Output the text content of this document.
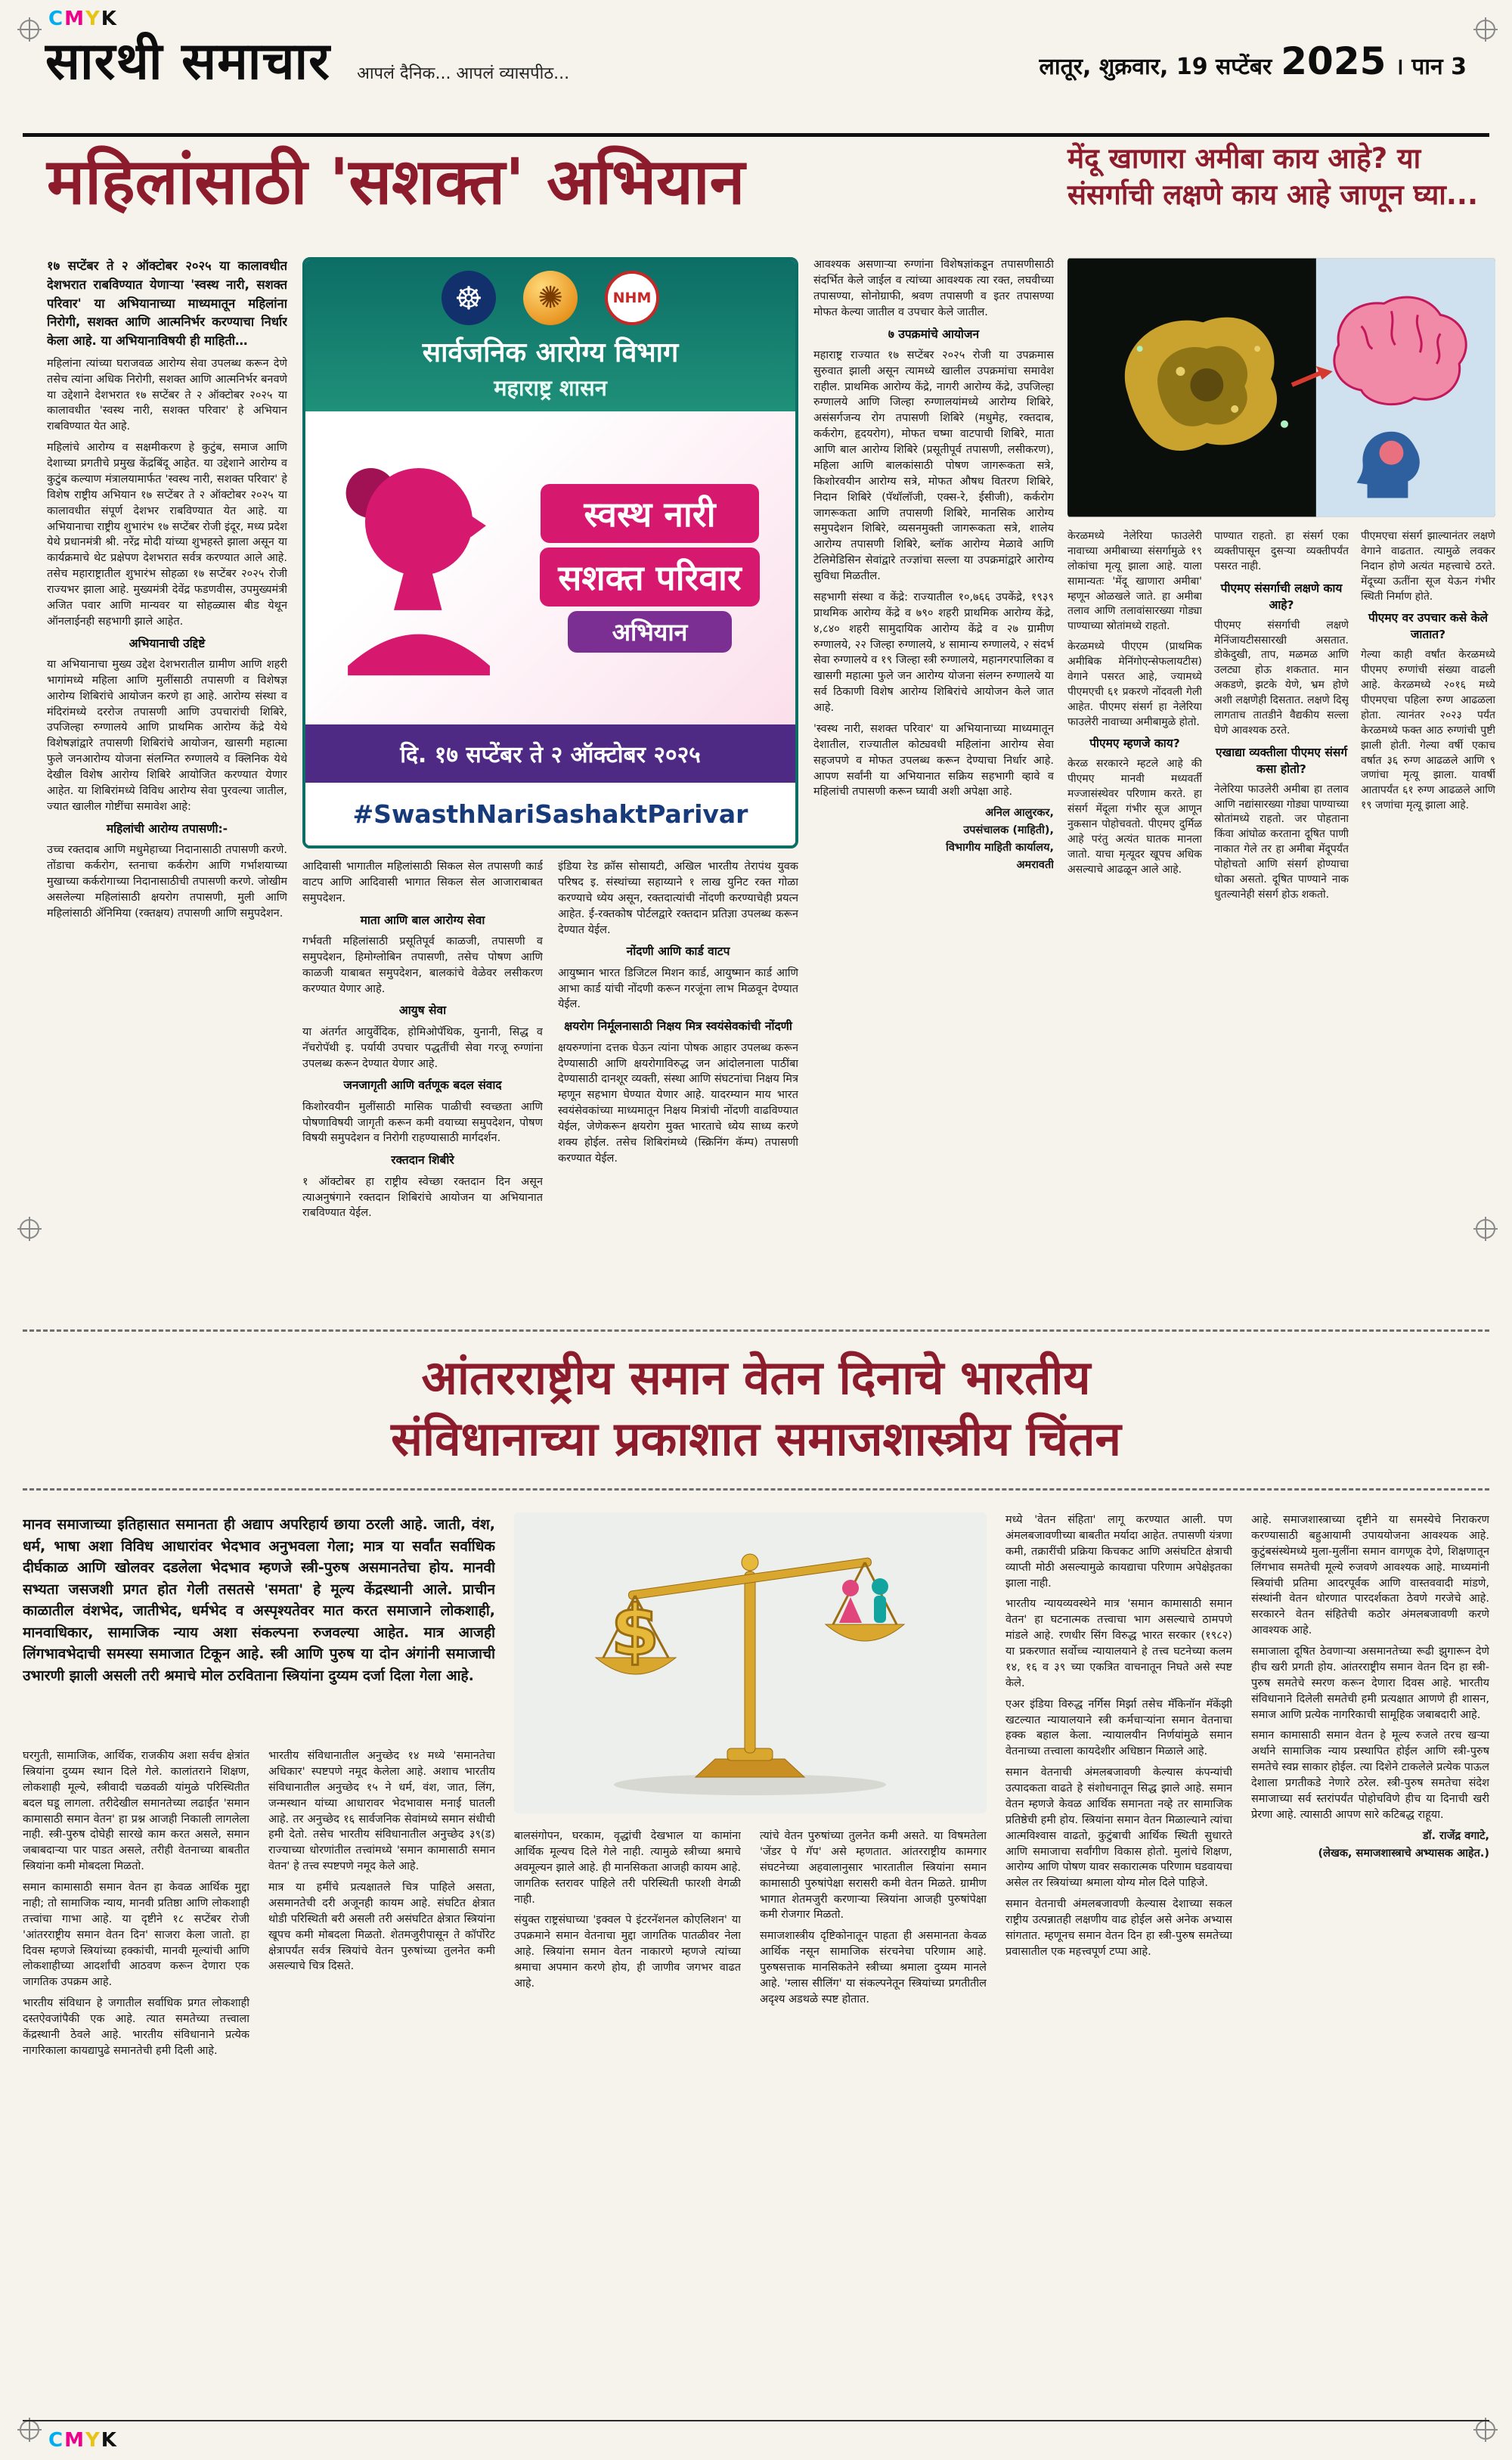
CMYK
CMYK
सारथी समाचार आपलं दैनिक... आपलं व्यासपीठ...	लातूर, शुक्रवार, 19 सप्टेंबर 2025 । पान 3
महिलांसाठी 'सशक्त' अभियान

१७ सप्टेंबर ते २ ऑक्टोबर २०२५ या कालावधीत देशभरात राबविण्यात येणाऱ्या 'स्वस्थ नारी, सशक्त परिवार' या अभियानाच्या माध्यमातून महिलांना निरोगी, सशक्त आणि आत्मनिर्भर करण्याचा निर्धार केला आहे. या अभियानाविषयी ही माहिती…

महिलांना त्यांच्या घराजवळ आरोग्य सेवा उपलब्ध करून देणे तसेच त्यांना अधिक निरोगी, सशक्त आणि आत्मनिर्भर बनवणे या उद्देशाने देशभरात १७ सप्टेंबर ते २ ऑक्टोबर २०२५ या कालावधीत 'स्वस्थ नारी, सशक्त परिवार' हे अभियान राबविण्यात येत आहे.

महिलांचे आरोग्य व सक्षमीकरण हे कुटुंब, समाज आणि देशाच्या प्रगतीचे प्रमुख केंद्रबिंदू आहेत. या उद्देशाने आरोग्य व कुटुंब कल्याण मंत्रालयामार्फत 'स्वस्थ नारी, सशक्त परिवार' हे विशेष राष्ट्रीय अभियान १७ सप्टेंबर ते २ ऑक्टोबर २०२५ या कालावधीत संपूर्ण देशभर राबविण्यात येत आहे. या अभियानाचा राष्ट्रीय शुभारंभ १७ सप्टेंबर रोजी इंदूर, मध्य प्रदेश येथे प्रधानमंत्री श्री. नरेंद्र मोदी यांच्या शुभहस्ते झाला असून या कार्यक्रमाचे थेट प्रक्षेपण देशभरात सर्वत्र करण्यात आले आहे. तसेच महाराष्ट्रातील शुभारंभ सोहळा १७ सप्टेंबर २०२५ रोजी राज्यभर झाला आहे. मुख्यमंत्री देवेंद्र फडणवीस, उपमुख्यमंत्री अजित पवार आणि मान्यवर या सोहळ्यास बीड येथून ऑनलाईनही सहभागी झाले आहेत.

अभियानाची उद्दिष्टे

या अभियानाचा मुख्य उद्देश देशभरातील ग्रामीण आणि शहरी भागांमध्ये महिला आणि मुलींसाठी तपासणी व विशेषज्ञ आरोग्य शिबिरांचे आयोजन करणे हा आहे. आरोग्य संस्था व मंदिरांमध्ये दररोज तपासणी आणि उपचारांची शिबिरे, उपजिल्हा रुग्णालये आणि प्राथमिक आरोग्य केंद्रे येथे विशेषज्ञांद्वारे तपासणी शिबिरांचे आयोजन, खासगी महात्मा फुले जनआरोग्य योजना संलग्नित रुग्णालये व क्लिनिक येथे देखील विशेष आरोग्य शिबिरे आयोजित करण्यात येणार आहेत. या शिबिरांमध्ये विविध आरोग्य सेवा पुरवल्या जातील, ज्यात खालील गोष्टींचा समावेश आहे:

महिलांची आरोग्य तपासणी:-

उच्च रक्तदाब आणि मधुमेहाच्या निदानासाठी तपासणी करणे. तोंडाचा कर्करोग, स्तनाचा कर्करोग आणि गर्भाशयाच्या मुखाच्या कर्करोगाच्या निदानासाठीची तपासणी करणे. जोखीम असलेल्या महिलांसाठी क्षयरोग तपासणी, मुली आणि महिलांसाठी ॲनिमिया (रक्तक्षय) तपासणी आणि समुपदेशन.

☸ ✺	NHM
सार्वजनिक आरोग्य विभाग
महाराष्ट्र शासन
स्वस्थ नारी
सशक्त परिवार
अभियान
दि. १७ सप्टेंबर ते २ ऑक्टोबर २०२५
#SwasthNariSashaktParivar

आदिवासी भागातील महिलांसाठी सिकल सेल तपासणी कार्ड वाटप आणि आदिवासी भागात सिकल सेल आजाराबाबत समुपदेशन.

माता आणि बाल आरोग्य सेवा

गर्भवती महिलांसाठी प्रसूतिपूर्व काळजी, तपासणी व समुपदेशन, हिमोग्लोबिन तपासणी, तसेच पोषण आणि काळजी याबाबत समुपदेशन, बालकांचे वेळेवर लसीकरण करण्यात येणार आहे.

आयुष सेवा

या अंतर्गत आयुर्वेदिक, होमिओपॅथिक, युनानी, सिद्ध व नॅचरोपॅथी इ. पर्यायी उपचार पद्धतींची सेवा गरजू रुग्णांना उपलब्ध करून देण्यात येणार आहे.

जनजागृती आणि वर्तणूक बदल संवाद

किशोरवयीन मुलींसाठी मासिक पाळीची स्वच्छता आणि पोषणाविषयी जागृती करून कमी वयाच्या समुपदेशन, पोषण विषयी समुपदेशन व निरोगी राहण्यासाठी मार्गदर्शन.

रक्तदान शिबीरे

१ ऑक्टोबर हा राष्ट्रीय स्वेच्छा रक्तदान दिन असून त्याअनुषंगाने रक्तदान शिबिरांचे आयोजन या अभियानात राबविण्यात येईल.

इंडिया रेड क्रॉस सोसायटी, अखिल भारतीय तेरापंथ युवक परिषद इ. संस्थांच्या सहाय्याने १ लाख युनिट रक्त गोळा करण्याचे ध्येय असून, रक्तदात्यांची नोंदणी करण्याचेही प्रयत्न आहेत. ई-रक्तकोष पोर्टलद्वारे रक्तदान प्रतिज्ञा उपलब्ध करून देण्यात येईल.

नोंदणी आणि कार्ड वाटप

आयुष्मान भारत डिजिटल मिशन कार्ड, आयुष्मान कार्ड आणि आभा कार्ड यांची नोंदणी करून गरजूंना लाभ मिळवून देण्यात येईल.

क्षयरोग निर्मूलनासाठी निक्षय मित्र स्वयंसेवकांची नोंदणी

क्षयरुग्णांना दत्तक घेऊन त्यांना पोषक आहार उपलब्ध करून देण्यासाठी आणि क्षयरोगाविरुद्ध जन आंदोलनाला पाठींबा देण्यासाठी दानशूर व्यक्ती, संस्था आणि संघटनांचा निक्षय मित्र म्हणून सहभाग घेण्यात येणार आहे. यादरम्यान माय भारत स्वयंसेवकांच्या माध्यमातून निक्षय मित्रांची नोंदणी वाढविण्यात येईल, जेणेकरून क्षयरोग मुक्त भारताचे ध्येय साध्य करणे शक्य होईल. तसेच शिबिरांमध्ये (स्क्रिनिंग कॅम्प) तपासणी करण्यात येईल.

आवश्यक असणाऱ्या रुग्णांना विशेषज्ञांकडून तपासणीसाठी संदर्भित केले जाईल व त्यांच्या आवश्यक त्या रक्त, लघवीच्या तपासण्या, सोनोग्राफी, श्रवण तपासणी व इतर तपासण्या मोफत केल्या जातील व उपचार केले जातील.

७ उपक्रमांचे आयोजन

महाराष्ट्र राज्यात १७ सप्टेंबर २०२५ रोजी या उपक्रमास सुरुवात झाली असून त्यामध्ये खालील उपक्रमांचा समावेश राहील. प्राथमिक आरोग्य केंद्रे, नागरी आरोग्य केंद्रे, उपजिल्हा रुग्णालये आणि जिल्हा रुग्णालयांमध्ये आरोग्य शिबिरे, असंसर्गजन्य रोग तपासणी शिबिरे (मधुमेह, रक्तदाब, कर्करोग, हृदयरोग), मोफत चष्मा वाटपाची शिबिरे, माता आणि बाल आरोग्य शिबिरे (प्रसूतीपूर्व तपासणी, लसीकरण), महिला आणि बालकांसाठी पोषण जागरूकता सत्रे, किशोरवयीन आरोग्य सत्रे, मोफत औषध वितरण शिबिरे, निदान शिबिरे (पॅथॉलॉजी, एक्स-रे, ईसीजी), कर्करोग जागरूकता आणि तपासणी शिबिरे, मानसिक आरोग्य समुपदेशन शिबिरे, व्यसनमुक्ती जागरूकता सत्रे, शालेय आरोग्य तपासणी शिबिरे, ब्लॉक आरोग्य मेळावे आणि टेलिमेडिसिन सेवांद्वारे तज्ज्ञांचा सल्ला या उपक्रमांद्वारे आरोग्य सुविधा मिळतील.

सहभागी संस्था व केंद्रे: राज्यातील १०,७६६ उपकेंद्रे, १९३९ प्राथमिक आरोग्य केंद्रे व ७९० शहरी प्राथमिक आरोग्य केंद्रे, ४,८४० शहरी सामुदायिक आरोग्य केंद्रे व २७ ग्रामीण रुग्णालये, २२ जिल्हा रुग्णालये, ४ सामान्य रुग्णालये, २ संदर्भ सेवा रुग्णालये व १९ जिल्हा स्त्री रुग्णालये, महानगरपालिका व खासगी महात्मा फुले जन आरोग्य योजना संलग्न रुग्णालये या सर्व ठिकाणी विशेष आरोग्य शिबिरांचे आयोजन केले जात आहे.

'स्वस्थ नारी, सशक्त परिवार' या अभियानाच्या माध्यमातून देशातील, राज्यातील कोट्यवधी महिलांना आरोग्य सेवा सहजपणे व मोफत उपलब्ध करून देण्याचा निर्धार आहे. आपण सर्वांनी या अभियानात सक्रिय सहभागी व्हावे व महिलांची तपासणी करून घ्यावी अशी अपेक्षा आहे.

अनिल आलुरकर,

उपसंचालक (माहिती),

विभागीय माहिती कार्यालय,

अमरावती

मेंदू खाणारा अमीबा काय आहे? या संसर्गाची लक्षणे काय आहे जाणून घ्या...

केरळमध्ये नेलेरिया फाउलेरी नावाच्या अमीबाच्या संसर्गामुळे १९ लोकांचा मृत्यू झाला आहे. याला सामान्यतः 'मेंदू खाणारा अमीबा' म्हणून ओळखले जाते. हा अमीबा तलाव आणि तलावांसारख्या गोड्या पाण्याच्या स्रोतांमध्ये राहतो.

केरळमध्ये पीएएम (प्राथमिक अमीबिक मेनिंगोएन्सेफलायटीस) वेगाने पसरत आहे, ज्यामध्ये पीएमएची ६१ प्रकरणे नोंदवली गेली आहेत. पीएमए संसर्ग हा नेलेरिया फाउलेरी नावाच्या अमीबामुळे होतो.

पीएमए म्हणजे काय?

केरळ सरकारने म्हटले आहे की पीएमए मानवी मध्यवर्ती मज्जासंस्थेवर परिणाम करते. हा संसर्ग मेंदूला गंभीर सूज आणून नुकसान पोहोचवतो. पीएमए दुर्मिळ आहे परंतु अत्यंत घातक मानला जातो. याचा मृत्यूदर खूपच अधिक असल्याचे आढळून आले आहे.

पाण्यात राहतो. हा संसर्ग एका व्यक्तीपासून दुसऱ्या व्यक्तीपर्यंत पसरत नाही.

पीएमए संसर्गाची लक्षणे काय आहे?

पीएमए संसर्गाची लक्षणे मेनिंजायटीससारखी असतात. डोकेदुखी, ताप, मळमळ आणि उलट्या होऊ शकतात. मान अकडणे, झटके येणे, भ्रम होणे अशी लक्षणेही दिसतात. लक्षणे दिसू लागताच तातडीने वैद्यकीय सल्ला घेणे आवश्यक ठरते.

एखाद्या व्यक्तीला पीएमए संसर्ग कसा होतो?

नेलेरिया फाउलेरी अमीबा हा तलाव आणि नद्यांसारख्या गोड्या पाण्याच्या स्रोतांमध्ये राहतो. जर पोहताना किंवा आंघोळ करताना दूषित पाणी नाकात गेले तर हा अमीबा मेंदूपर्यंत पोहोचतो आणि संसर्ग होण्याचा धोका असतो. दूषित पाण्याने नाक धुतल्यानेही संसर्ग होऊ शकतो.

पीएमएचा संसर्ग झाल्यानंतर लक्षणे वेगाने वाढतात. त्यामुळे लवकर निदान होणे अत्यंत महत्त्वाचे ठरते. मेंदूच्या ऊतींना सूज येऊन गंभीर स्थिती निर्माण होते.

पीएमए वर उपचार कसे केले जातात?

गेल्या काही वर्षांत केरळमध्ये पीएमए रुग्णांची संख्या वाढली आहे. केरळमध्ये २०१६ मध्ये पीएमएचा पहिला रुग्ण आढळला होता. त्यानंतर २०२३ पर्यंत केरळमध्ये फक्त आठ रुग्णांची पुष्टी झाली होती. गेल्या वर्षी एकाच वर्षात ३६ रुग्ण आढळले आणि ९ जणांचा मृत्यू झाला. यावर्षी आतापर्यंत ६१ रुग्ण आढळले आणि १९ जणांचा मृत्यू झाला आहे.

आंतरराष्ट्रीय समान वेतन दिनाचे भारतीय
संविधानाच्या प्रकाशात समाजशास्त्रीय चिंतन
मानव समाजाच्या इतिहासात समानता ही अद्याप अपरिहार्य छाया ठरली आहे. जाती, वंश, धर्म, भाषा अशा विविध आधारांवर भेदभाव अनुभवला गेला; मात्र या सर्वांत सर्वाधिक दीर्घकाळ आणि खोलवर दडलेला भेदभाव म्हणजे स्त्री-पुरुष असमानतेचा होय. मानवी सभ्यता जसजशी प्रगत होत गेली तसतसे 'समता' हे मूल्य केंद्रस्थानी आले. प्राचीन काळातील वंशभेद, जातीभेद, धर्मभेद व अस्पृश्यतेवर मात करत समाजाने लोकशाही, मानवाधिकार, सामाजिक न्याय अशा संकल्पना रुजवल्या आहेत. मात्र आजही लिंगभावभेदाची समस्या समाजात टिकून आहे. स्त्री आणि पुरुष या दोन अंगांनी समाजाची उभारणी झाली असली तरी श्रमाचे मोल ठरविताना स्त्रियांना दुय्यम दर्जा दिला गेला आहे.
$

मध्ये 'वेतन संहिता' लागू करण्यात आली. पण अंमलबजावणीच्या बाबतीत मर्यादा आहेत. तपासणी यंत्रणा कमी, तक्रारींची प्रक्रिया किचकट आणि असंघटित क्षेत्राची व्याप्ती मोठी असल्यामुळे कायद्याचा परिणाम अपेक्षेइतका झाला नाही.

भारतीय न्यायव्यवस्थेने मात्र 'समान कामासाठी समान वेतन' हा घटनात्मक तत्त्वाचा भाग असल्याचे ठामपणे मांडले आहे. रणधीर सिंग विरुद्ध भारत सरकार (१९८२) या प्रकरणात सर्वोच्च न्यायालयाने हे तत्त्व घटनेच्या कलम १४, १६ व ३९ च्या एकत्रित वाचनातून निघते असे स्पष्ट केले.

एअर इंडिया विरुद्ध नर्गिस मिर्झा तसेच मॅकिनॉन मॅकेंझी खटल्यात न्यायालयाने स्त्री कर्मचाऱ्यांना समान वेतनाचा हक्क बहाल केला. न्यायालयीन निर्णयांमुळे समान वेतनाच्या तत्त्वाला कायदेशीर अधिष्ठान मिळाले आहे.

समान वेतनाची अंमलबजावणी केल्यास कंपन्यांची उत्पादकता वाढते हे संशोधनातून सिद्ध झाले आहे. समान वेतन म्हणजे केवळ आर्थिक समानता नव्हे तर सामाजिक प्रतिष्ठेची हमी होय. स्त्रियांना समान वेतन मिळाल्याने त्यांचा आत्मविश्वास वाढतो, कुटुंबाची आर्थिक स्थिती सुधारते आणि समाजाचा सर्वांगीण विकास होतो. मुलांचे शिक्षण, आरोग्य आणि पोषण यावर सकारात्मक परिणाम घडवायचा असेल तर स्त्रियांच्या श्रमाला योग्य मोल दिले पाहिजे.

समान वेतनाची अंमलबजावणी केल्यास देशाच्या सकल राष्ट्रीय उत्पन्नातही लक्षणीय वाढ होईल असे अनेक अभ्यास सांगतात. म्हणूनच समान वेतन दिन हा स्त्री-पुरुष समतेच्या प्रवासातील एक महत्त्वपूर्ण टप्पा आहे.

आहे. समाजशास्त्राच्या दृष्टीने या समस्येचे निराकरण करण्यासाठी बहुआयामी उपाययोजना आवश्यक आहे. कुटुंबसंस्थेमध्ये मुला-मुलींना समान वागणूक देणे, शिक्षणातून लिंगभाव समतेची मूल्ये रुजवणे आवश्यक आहे. माध्यमांनी स्त्रियांची प्रतिमा आदरपूर्वक आणि वास्तववादी मांडणे, संस्थांनी वेतन धोरणात पारदर्शकता ठेवणे गरजेचे आहे. सरकारने वेतन संहितेची कठोर अंमलबजावणी करणे आवश्यक आहे.

समाजाला दूषित ठेवणाऱ्या असमानतेच्या रूढी झुगारून देणे हीच खरी प्रगती होय. आंतरराष्ट्रीय समान वेतन दिन हा स्त्री-पुरुष समतेचे स्मरण करून देणारा दिवस आहे. भारतीय संविधानाने दिलेली समतेची हमी प्रत्यक्षात आणणे ही शासन, समाज आणि प्रत्येक नागरिकाची सामूहिक जबाबदारी आहे.

समान कामासाठी समान वेतन हे मूल्य रुजले तरच खऱ्या अर्थाने सामाजिक न्याय प्रस्थापित होईल आणि स्त्री-पुरुष समतेचे स्वप्न साकार होईल. त्या दिशेने टाकलेले प्रत्येक पाऊल देशाला प्रगतीकडे नेणारे ठरेल. स्त्री-पुरुष समतेचा संदेश समाजाच्या सर्व स्तरांपर्यंत पोहोचविणे हीच या दिनाची खरी प्रेरणा आहे. त्यासाठी आपण सारे कटिबद्ध राहूया.

डॉ. राजेंद्र वगाटे,

(लेखक, समाजशास्त्राचे अभ्यासक आहेत.)

घरगुती, सामाजिक, आर्थिक, राजकीय अशा सर्वच क्षेत्रांत स्त्रियांना दुय्यम स्थान दिले गेले. कालांतराने शिक्षण, लोकशाही मूल्ये, स्त्रीवादी चळवळी यांमुळे परिस्थितीत बदल घडू लागला. तरीदेखील समानतेच्या लढाईत 'समान कामासाठी समान वेतन' हा प्रश्न आजही निकाली लागलेला नाही. स्त्री-पुरुष दोघेही सारखे काम करत असले, समान जबाबदाऱ्या पार पाडत असले, तरीही वेतनाच्या बाबतीत स्त्रियांना कमी मोबदला मिळतो.

समान कामासाठी समान वेतन हा केवळ आर्थिक मुद्दा नाही; तो सामाजिक न्याय, मानवी प्रतिष्ठा आणि लोकशाही तत्त्वांचा गाभा आहे. या दृष्टीने १८ सप्टेंबर रोजी 'आंतरराष्ट्रीय समान वेतन दिन' साजरा केला जातो. हा दिवस म्हणजे स्त्रियांच्या हक्कांची, मानवी मूल्यांची आणि लोकशाहीच्या आदर्शांची आठवण करून देणारा एक जागतिक उपक्रम आहे.

भारतीय संविधान हे जगातील सर्वाधिक प्रगत लोकशाही दस्तऐवजांपैकी एक आहे. त्यात समतेच्या तत्त्वाला केंद्रस्थानी ठेवले आहे. भारतीय संविधानाने प्रत्येक नागरिकाला कायद्यापुढे समानतेची हमी दिली आहे.

भारतीय संविधानातील अनुच्छेद १४ मध्ये 'समानतेचा अधिकार' स्पष्टपणे नमूद केलेला आहे. अशाच भारतीय संविधानातील अनुच्छेद १५ ने धर्म, वंश, जात, लिंग, जन्मस्थान यांच्या आधारावर भेदभावास मनाई घातली आहे. तर अनुच्छेद १६ सार्वजनिक सेवांमध्ये समान संधीची हमी देतो. तसेच भारतीय संविधानातील अनुच्छेद ३९(ड) राज्याच्या धोरणांतील तत्त्वांमध्ये 'समान कामासाठी समान वेतन' हे तत्त्व स्पष्टपणे नमूद केले आहे.

मात्र या हमींचे प्रत्यक्षातले चित्र पाहिले असता, असमानतेची दरी अजूनही कायम आहे. संघटित क्षेत्रात थोडी परिस्थिती बरी असली तरी असंघटित क्षेत्रात स्त्रियांना खूपच कमी मोबदला मिळतो. शेतमजुरीपासून ते कॉर्पोरेट क्षेत्रापर्यंत सर्वत्र स्त्रियांचे वेतन पुरुषांच्या तुलनेत कमी असल्याचे चित्र दिसते.

बालसंगोपन, घरकाम, वृद्धांची देखभाल या कामांना आर्थिक मूल्यच दिले गेले नाही. त्यामुळे स्त्रीच्या श्रमाचे अवमूल्यन झाले आहे. ही मानसिकता आजही कायम आहे. जागतिक स्तरावर पाहिले तरी परिस्थिती फारशी वेगळी नाही.

संयुक्त राष्ट्रसंघाच्या 'इक्वल पे इंटरनॅशनल कोएलिशन' या उपक्रमाने समान वेतनाचा मुद्दा जागतिक पातळीवर नेला आहे. स्त्रियांना समान वेतन नाकारणे म्हणजे त्यांच्या श्रमाचा अपमान करणे होय, ही जाणीव जगभर वाढत आहे.

त्यांचे वेतन पुरुषांच्या तुलनेत कमी असते. या विषमतेला 'जेंडर पे गॅप' असे म्हणतात. आंतरराष्ट्रीय कामगार संघटनेच्या अहवालानुसार भारतातील स्त्रियांना समान कामासाठी पुरुषांपेक्षा सरासरी कमी वेतन मिळते. ग्रामीण भागात शेतमजुरी करणाऱ्या स्त्रियांना आजही पुरुषांपेक्षा कमी रोजगार मिळतो.

समाजशास्त्रीय दृष्टिकोनातून पाहता ही असमानता केवळ आर्थिक नसून सामाजिक संरचनेचा परिणाम आहे. पुरुषसत्ताक मानसिकतेने स्त्रीच्या श्रमाला दुय्यम मानले आहे. 'ग्लास सीलिंग' या संकल्पनेतून स्त्रियांच्या प्रगतीतील अदृश्य अडथळे स्पष्ट होतात.
